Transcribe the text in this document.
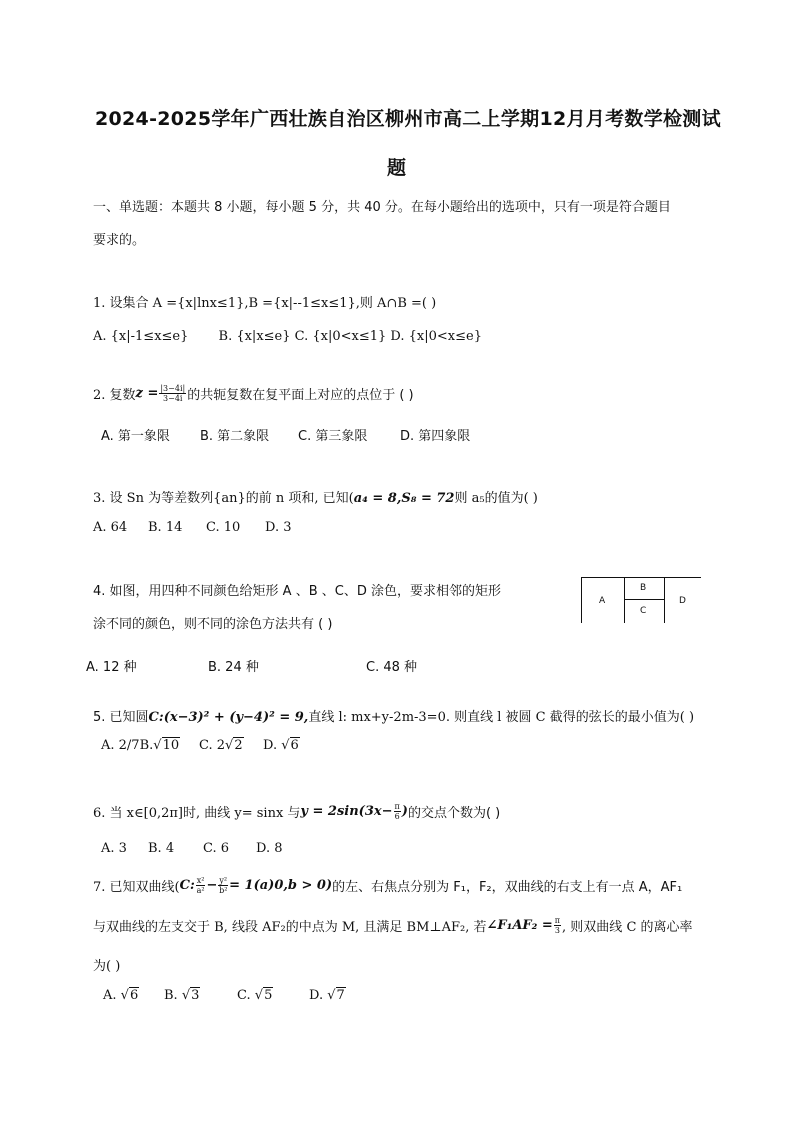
2024-2025学年广西壮族自治区柳州市高二上学期12月月考数学检测试
题
一、单选题：本题共 8 小题，每小题 5 分，共 40 分。在每小题给出的选项中，只有一项是符合题目
要求的。
1. 设集合 A ={x|lnx≤1},B ={x|--1≤x≤1},则 A∩B =( )
A. {x|-1≤x≤e}　　 B. {x|x≤e} C. {x|0<x≤1} D. {x|0<x≤e}
2. 复数 $z = \frac{|3-4i|}{3-4i}$ 的共轭复数在复平面上对应的点位于 ( )
A. 第一象限 B. 第二象限 C. 第三象限	D. 第四象限
3. 设 Sn 为等差数列{an}的前 n 项和, 已知(a₄ = 8,S₈ = 72则 a₅的值为( )
A. 64 B. 14 C. 10 D. 3
4. 如图，用四种不同颜色给矩形 A 、B 、C、D 涂色，要求相邻的矩形
涂不同的颜色，则不同的涂色方法共有 ( )
A. 12 种	B. 24 种	C. 48 种
A
B
C
D
5. 已知圆C:(x−3)² + (y−4)² = 9,直线 l: mx+y-2m-3=0. 则直线 l 被圆 C 截得的弦长的最小值为( )
A. 2/7B.√10 C. 2√2 D. √6
6. 当 x∈[0,2π]时, 曲线 y= sinx 与 $y = 2\sin(3x- \frac{\pi}{6}$ ) 的交点个数为( )
A. 3 B. 4 C. 6 D. 8
7. 已知双曲线( C: $\frac{\text{x²}}{\text{a²}} - \frac{\text{y²}}{\text{b²}} = 1(a)0,b > 0$) 的左、右焦点分别为 F₁，F₂，双曲线的右支上有一点 A，AF₁
与双曲线的左支交于 B, 线段 AF₂的中点为 M, 且满足 BM⊥AF₂, 若 ∠F₁AF₂ = $\frac{\pi}{3}$ , 则双曲线 C 的离心率
为( )
A. √6 B. √3	C. √5	D. √7
